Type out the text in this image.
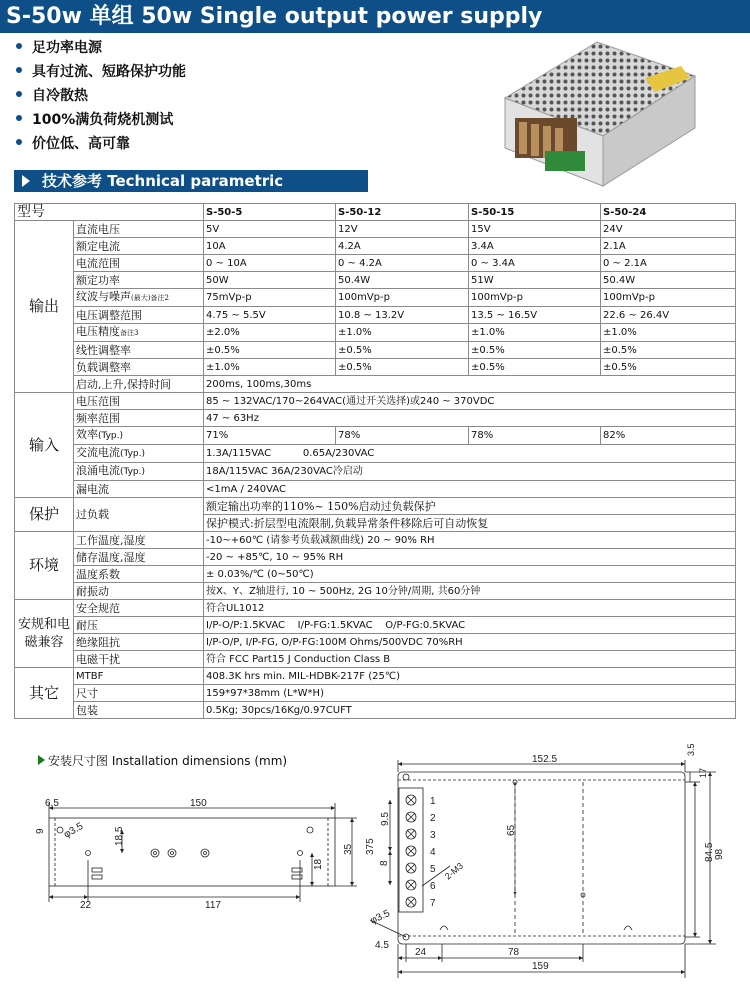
S-50w 单组 50w Single output power supply
足功率电源
具有过流、短路保护功能
自冷散热
100%满负荷烧机测试
价位低、高可靠
技术参考 Technical parametric
型号		S-50-5	S-50-12	S-50-15	S-50-24
输出	直流电压	5V	12V	15V	24V
	额定电流	10A	4.2A	3.4A	2.1A
	电流范围	0 ~ 10A	0 ~ 4.2A	0 ~ 3.4A	0 ~ 2.1A
	额定功率	50W	50.4W	51W	50.4W
	纹波与噪声(最大)备注2	75mVp-p	100mVp-p	100mVp-p	100mVp-p
	电压调整范围	4.75 ~ 5.5V	10.8 ~ 13.2V	13.5 ~ 16.5V	22.6 ~ 26.4V
	电压精度备注3	±2.0%	±1.0%	±1.0%	±1.0%
	线性调整率	±0.5%	±0.5%	±0.5%	±0.5%
	负载调整率	±1.0%	±0.5%	±0.5%	±0.5%
	启动,上升,保持时间	200ms, 100ms,30ms			
输入	电压范围	85 ~ 132VAC/170~264VAC(通过开关选择)或240 ~ 370VDC			
	频率范围	47 ~ 63Hz			
	效率(Typ.)	71%	78%	78%	82%
	交流电流(Typ.)	1.3A/115VAC          0.65A/230VAC			
	浪涌电流(Typ.)	18A/115VAC 36A/230VAC冷启动			
	漏电流	<1mA / 240VAC			
保护	过负载	额定输出功率的110%~ 150%启动过负载保护			
		保护模式:折层型电流限制,负载异常条件移除后可自动恢复			
环境	工作温度,湿度	-10~+60℃ (请参考负载减额曲线) 20 ~ 90% RH			
	储存温度,湿度	-20 ~ +85℃, 10 ~ 95% RH			
	温度系数	± 0.03%/℃ (0~50℃)			
	耐振动	按X、Y、Z轴进行, 10 ~ 500Hz, 2G 10分钟/周期, 共60分钟			
安规和电磁兼容	安全规范	符合UL1012			
	耐压	I/P-O/P:1.5KVAC    I/P-FG:1.5KVAC    O/P-FG:0.5KVAC			
	绝缘阻抗	I/P-O/P, I/P-FG, O/P-FG:100M Ohms/500VDC 70%RH			
	电磁干扰	符合 FCC Part15 J Conduction Class B			
其它	MTBF	408.3K hrs min. MIL-HDBK-217F (25℃)			
	尺寸	159*97*38mm (L*W*H)			
	包装	0.5Kg; 30pcs/16Kg/0.97CUFT			
安装尺寸图 Installation dimensions (mm)
6.5	150
9 φ3.5	18.5
18
35 375
22	117
1
2
3
4
5
6
7
152.5
3.5
17
65
9.5
8	2-M3
84.5 98
φ3.5
4.5
24	78
159
